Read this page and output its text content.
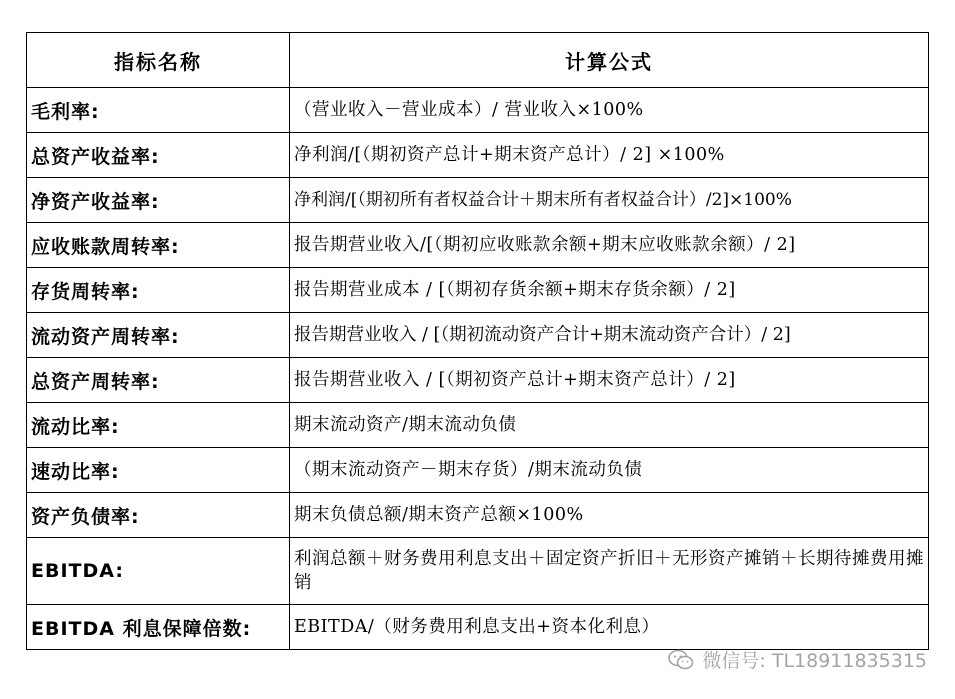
指标名称	计算公式
毛利率:	（营业收入－营业成本）/ 营业收入×100%
总资产收益率:	净利润/[（期初资产总计+期末资产总计）/ 2] ×100%
净资产收益率:	净利润/[（期初所有者权益合计＋期末所有者权益合计）/2]×100%
应收账款周转率:	报告期营业收入/[（期初应收账款余额+期末应收账款余额）/ 2]
存货周转率:	报告期营业成本 / [（期初存货余额+期末存货余额）/ 2]
流动资产周转率:	报告期营业收入 / [（期初流动资产合计+期末流动资产合计）/ 2]
总资产周转率:	报告期营业收入 / [（期初资产总计+期末资产总计）/ 2]
流动比率:	期末流动资产/期末流动负债
速动比率:	（期末流动资产－期末存货）/期末流动负债
资产负债率:	期末负债总额/期末资产总额×100%
EBITDA:	利润总额＋财务费用利息支出＋固定资产折旧＋无形资产摊销＋长期待摊费用摊销
EBITDA 利息保障倍数:	EBITDA/（财务费用利息支出+资本化利息）
微信号: TL18911835315
